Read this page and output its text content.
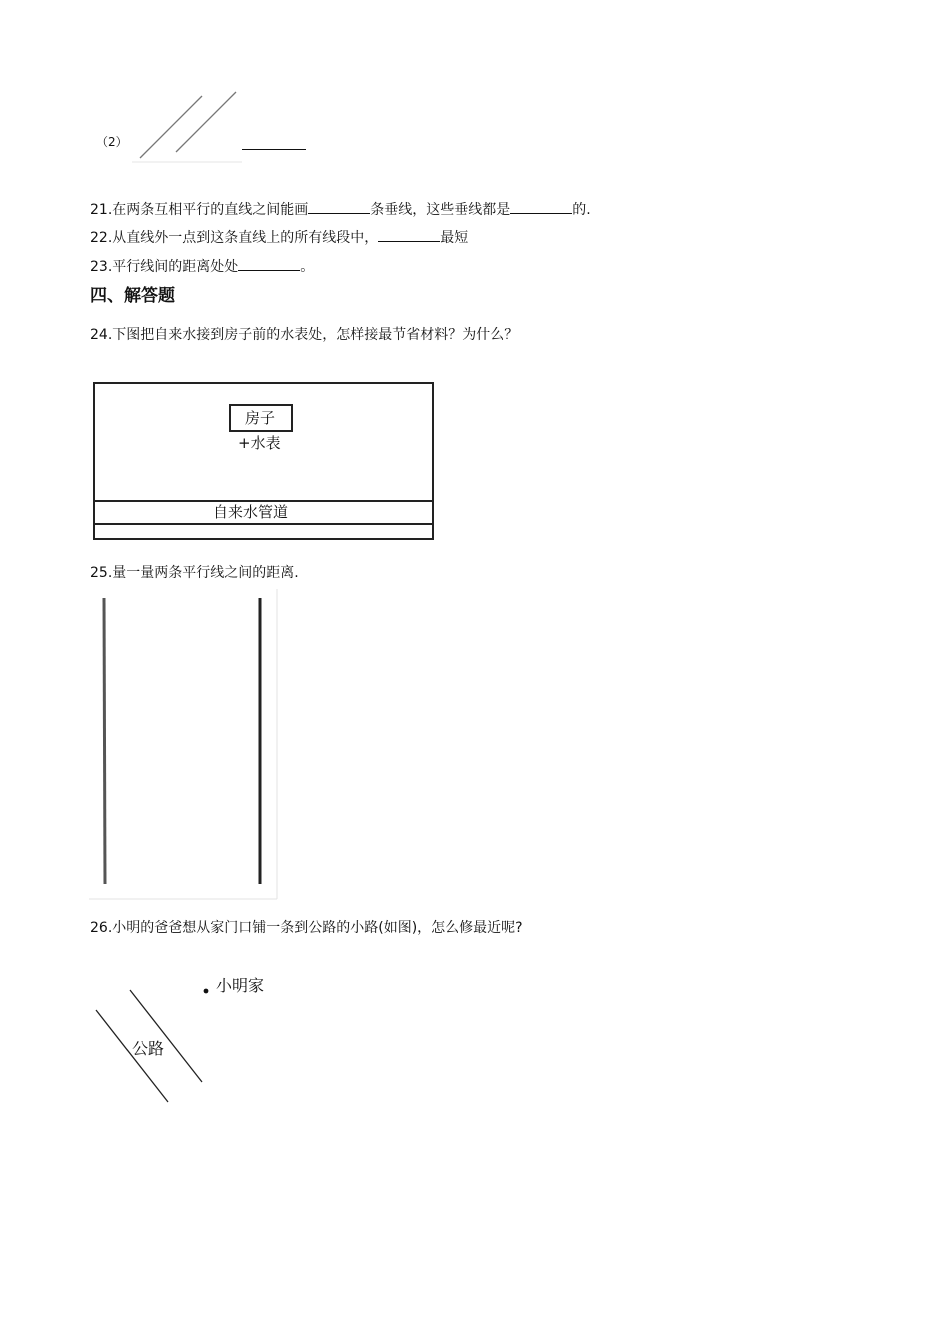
（2）
21.在两条互相平行的直线之间能画	条垂线，这些垂线都是	的.
22.从直线外一点到这条直线上的所有线段中，	最短
23.平行线间的距离处处	。
四、解答题
24.下图把自来水接到房子前的水表处，怎样接最节省材料？为什么？
房子
+水表
自来水管道
25.量一量两条平行线之间的距离.
26.小明的爸爸想从家门口铺一条到公路的小路(如图)，怎么修最近呢?
小明家
公路
